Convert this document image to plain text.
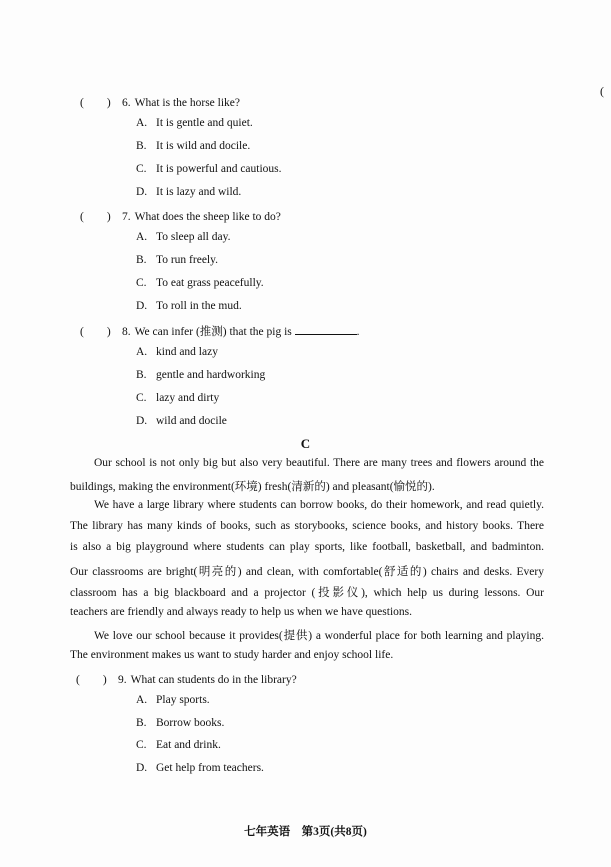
(
(　　) 6. What is the horse like?
A. It is gentle and quiet.
B. It is wild and docile.
C. It is powerful and cautious.
D. It is lazy and wild.
(　　) 7. What does the sheep like to do?
A. To sleep all day.
B. To run freely.
C. To eat grass peacefully.
D. To roll in the mud.
(　　) 8. We can infer (推测) that the pig is	.
A. kind and lazy
B. gentle and hardworking
C. lazy and dirty
D. wild and docile
C
Our school is not only big but also very beautiful. There are many trees and flowers around the
buildings, making the environment(环境) fresh(清新的) and pleasant(愉悦的).
We have a large library where students can borrow books, do their homework, and read quietly.
The library has many kinds of books, such as storybooks, science books, and history books. There
is also a big playground where students can play sports, like football, basketball, and badminton.
Our classrooms are bright(明亮的) and clean, with comfortable(舒适的) chairs and desks. Every
classroom has a big blackboard and a projector (投影仪), which help us during lessons. Our
teachers are friendly and always ready to help us when we have questions.
We love our school because it provides(提供) a wonderful place for both learning and playing.
The environment makes us want to study harder and enjoy school life.
(　　) 9. What can students do in the library?
A. Play sports.
B. Borrow books.
C. Eat and drink.
D. Get help from teachers.
七年英语　第3页(共8页)
